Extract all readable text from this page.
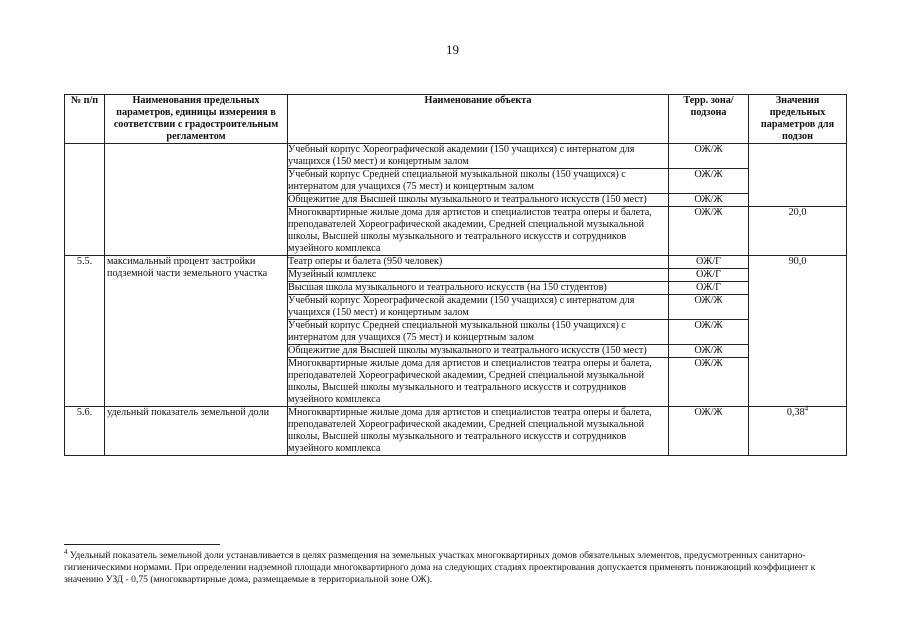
19
№ п/п	Наименования предельных параметров, единицы измерения в соответствии с градостроительным регламентом	Наименование объекта	Терр. зона/подзона	Значения предельных параметров для подзон
		Учебный корпус Хореографической академии (150 учащихся) с интернатом для учащихся (150 мест) и концертным залом	ОЖ/Ж	
		Учебный корпус Средней специальной музыкальной школы (150 учащихся) с интернатом для учащихся (75 мест) и концертным залом	ОЖ/Ж	
		Общежитие для Высшей школы музыкального и театрального искусств (150 мест)	ОЖ/Ж	
		Многоквартирные жилые дома для артистов и специалистов театра оперы и балета, преподавателей Хореографической академии, Средней специальной музыкальной школы, Высшей школы музыкального и театрального искусств и сотрудников музейного комплекса	ОЖ/Ж	20,0
5.5.	максимальный процент застройки подземной части земельного участка	Театр оперы и балета (950 человек)	ОЖ/Г	90,0
		Музейный комплекс	ОЖ/Г	
		Высшая школа музыкального и театрального искусств (на 150 студентов)	ОЖ/Г	
		Учебный корпус Хореографической академии (150 учащихся) с интернатом для учащихся (150 мест) и концертным залом	ОЖ/Ж	
		Учебный корпус Средней специальной музыкальной школы (150 учащихся) с интернатом для учащихся (75 мест) и концертным залом	ОЖ/Ж	
		Общежитие для Высшей школы музыкального и театрального искусств (150 мест)	ОЖ/Ж	
		Многоквартирные жилые дома для артистов и специалистов театра оперы и балета, преподавателей Хореографической академии, Средней специальной музыкальной школы, Высшей школы музыкального и театрального искусств и сотрудников музейного комплекса	ОЖ/Ж	
5.6.	удельный показатель земельной доли	Многоквартирные жилые дома для артистов и специалистов театра оперы и балета, преподавателей Хореографической академии, Средней специальной музыкальной школы, Высшей школы музыкального и театрального искусств и сотрудников музейного комплекса	ОЖ/Ж	0,38$^4$
$^4$ Удельный показатель земельной доли устанавливается в целях размещения на земельных участках многоквартирных домов обязательных элементов, предусмотренных санитарно-гигиеническими нормами. При определении надземной площади многоквартирного дома на следующих стадиях проектирования допускается применять понижающий коэффициент к значению УЗД - 0,75 (многоквартирные дома, размещаемые в территориальной зоне ОЖ).
